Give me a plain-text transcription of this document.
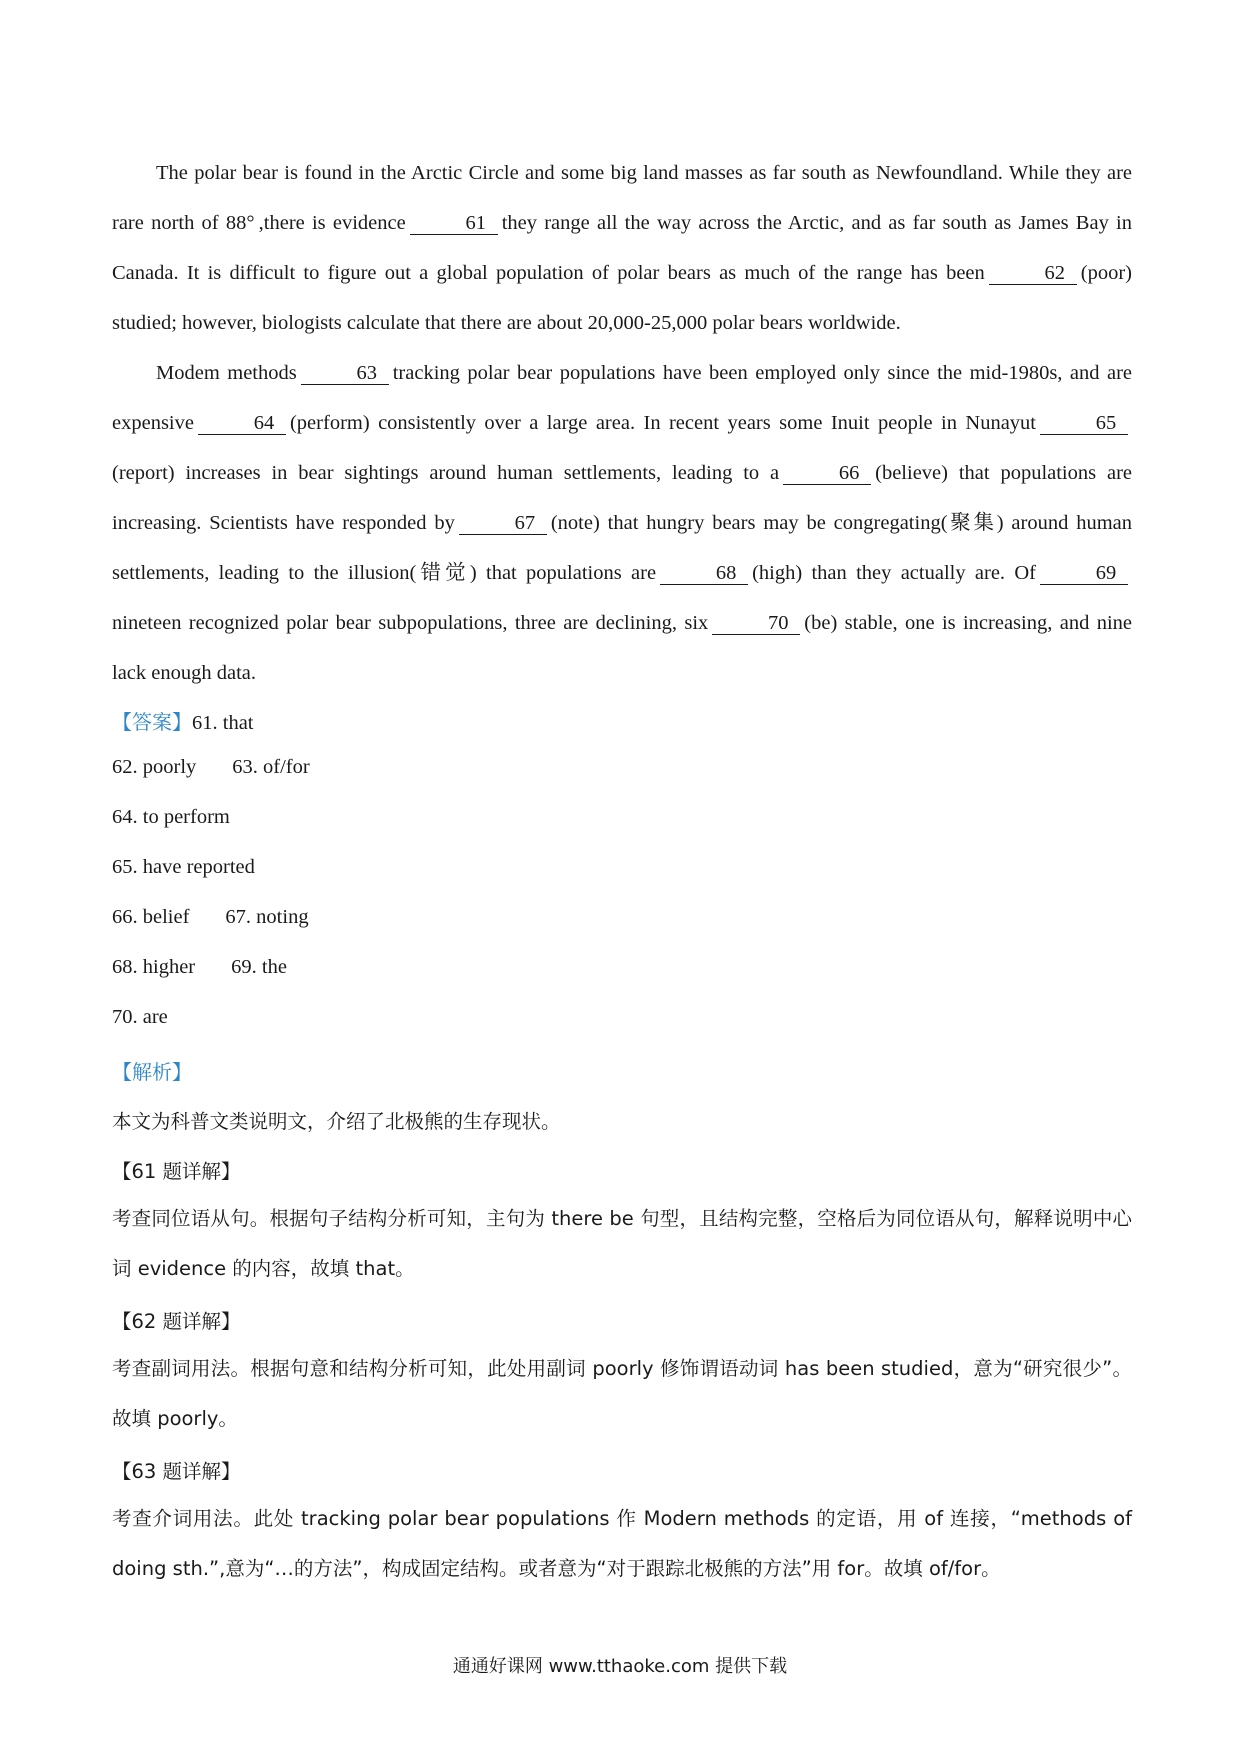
The polar bear is found in the Arctic Circle and some big land masses as far south as Newfoundland. While they are rare north of 88° ,there is evidence	61 they range all the way across the Arctic, and as far south as James Bay in Canada. It is difficult to figure out a global population of polar bears as much of the range has been	62 (poor) studied; however, biologists calculate that there are about 20,000-25,000 polar bears worldwide.

Modem methods	63 tracking polar bear populations have been employed only since the mid-1980s, and are expensive	64 (perform) consistently over a large area. In recent years some Inuit people in Nunayut	65(report) increases in bear sightings around human settlements, leading to a	66 (believe) that populations are increasing. Scientists have responded by	67 (note) that hungry bears may be congregating(聚集) around human settlements, leading to the illusion(错觉) that populations are	68 (high) than they actually are. Of	69nineteen recognized polar bear subpopulations, three are declining, six	70 (be) stable, one is increasing, and nine lack enough data.

【答案】61. that
62. poorly 63. of/for
64. to perform
65. have reported
66. belief 67. noting
68. higher 69. the
70. are
【解析】
本文为科普文类说明文，介绍了北极熊的生存现状。
【61 题详解】

考查同位语从句。根据句子结构分析可知，主句为 there be 句型，且结构完整，空格后为同位语从句，解释说明中心词 evidence 的内容，故填 that。

【62 题详解】

考查副词用法。根据句意和结构分析可知，此处用副词 poorly 修饰谓语动词 has been studied，意为“研究很少”。故填 poorly。

【63 题详解】

考查介词用法。此处 tracking polar bear populations 作 Modern methods 的定语，用 of 连接，“methods of doing sth.”,意为“…的方法”，构成固定结构。或者意为“对于跟踪北极熊的方法”用 for。故填 of/for。

通通好课网 www.tthaoke.com 提供下载
